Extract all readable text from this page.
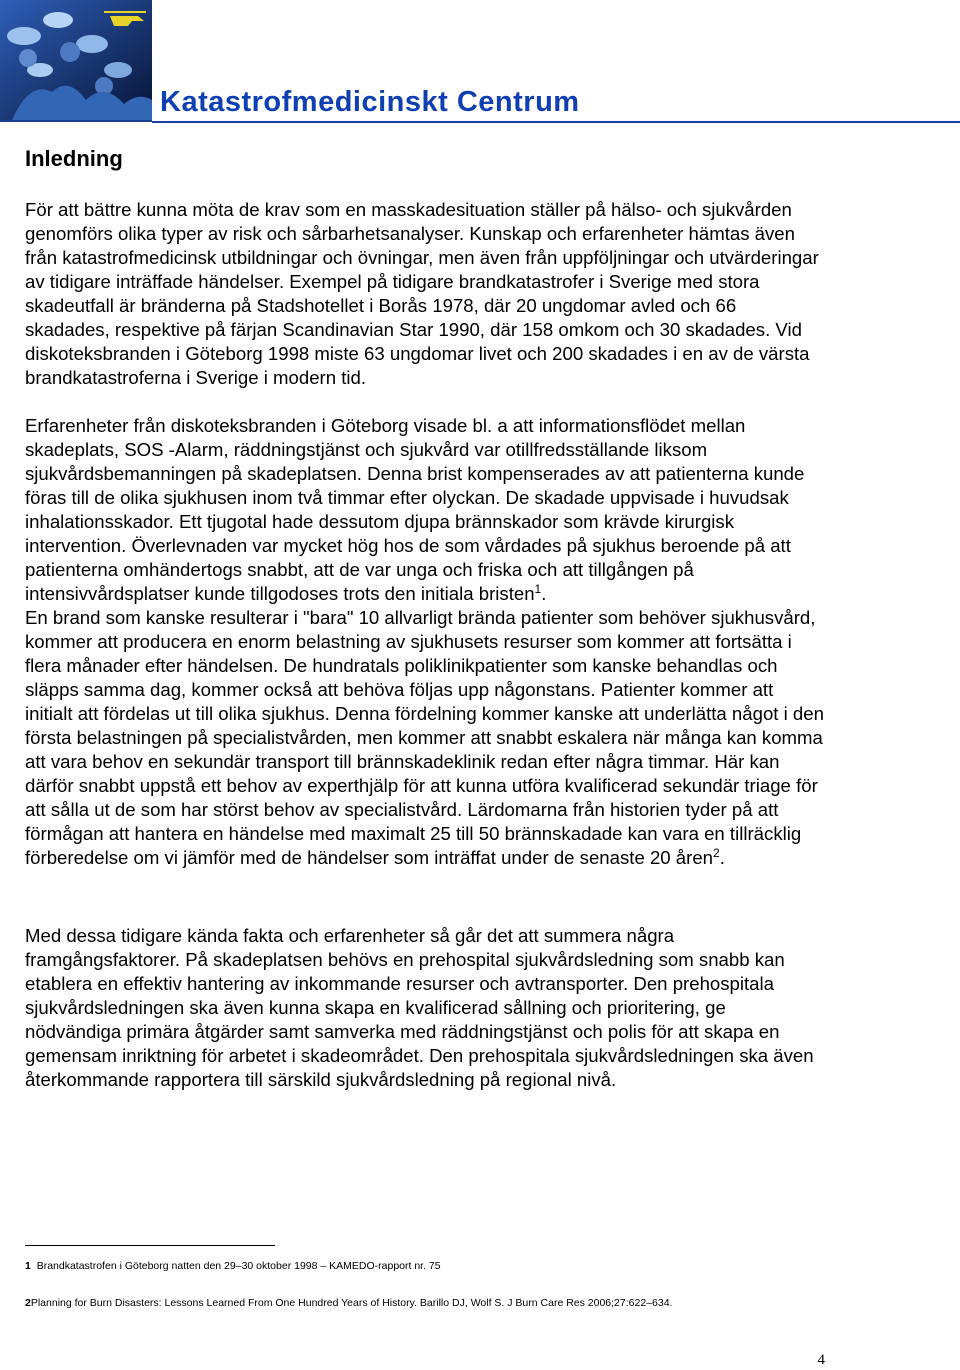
Katastrofmedicinskt Centrum
Inledning

För att bättre kunna möta de krav som en masskadesituation ställer på hälso- och sjukvården genomförs olika typer av risk och sårbarhetsanalyser. Kunskap och erfarenheter hämtas även från katastrofmedicinsk utbildningar och övningar, men även från uppföljningar och utvärderingar av tidigare inträffade händelser. Exempel på tidigare brandkatastrofer i Sverige med stora skadeutfall är bränderna på Stadshotellet i Borås 1978, där 20 ungdomar avled och 66 skadades, respektive på färjan Scandinavian Star 1990, där 158 omkom och 30 skadades. Vid diskoteksbranden i Göteborg 1998 miste 63 ungdomar livet och 200 skadades i en av de värsta brandkatastroferna i Sverige i modern tid.

Erfarenheter från diskoteksbranden i Göteborg visade bl. a att informationsflödet mellan skadeplats, SOS -Alarm, räddningstjänst och sjukvård var otillfredsställande liksom sjukvårdsbemanningen på skadeplatsen. Denna brist kompenserades av att patienterna kunde föras till de olika sjukhusen inom två timmar efter olyckan. De skadade uppvisade i huvudsak inhalationsskador. Ett tjugotal hade dessutom djupa brännskador som krävde kirurgisk intervention. Överlevnaden var mycket hög hos de som vårdades på sjukhus beroende på att patienterna omhändertogs snabbt, att de var unga och friska och att tillgången på intensivvårdsplatser kunde tillgodoses trots den initiala bristen$^1$.

En brand som kanske resulterar i "bara" 10 allvarligt brända patienter som behöver sjukhusvård, kommer att producera en enorm belastning av sjukhusets resurser som kommer att fortsätta i flera månader efter händelsen. De hundratals poliklinikpatienter som kanske behandlas och släpps samma dag, kommer också att behöva följas upp någonstans. Patienter kommer att initialt att fördelas ut till olika sjukhus. Denna fördelning kommer kanske att underlätta något i den första belastningen på specialistvården, men kommer att snabbt eskalera när många kan komma att vara behov en sekundär transport till brännskadeklinik redan efter några timmar. Här kan därför snabbt uppstå ett behov av experthjälp för att kunna utföra kvalificerad sekundär triage för att sålla ut de som har störst behov av specialistvård. Lärdomarna från historien tyder på att förmågan att hantera en händelse med maximalt 25 till 50 brännskadade kan vara en tillräcklig förberedelse om vi jämför med de händelser som inträffat under de senaste 20 åren$^2$.

Med dessa tidigare kända fakta och erfarenheter så går det att summera några framgångsfaktorer. På skadeplatsen behövs en prehospital sjukvårdsledning som snabb kan etablera en effektiv hantering av inkommande resurser och avtransporter. Den prehospitala sjukvårdsledningen ska även kunna skapa en kvalificerad sållning och prioritering, ge nödvändiga primära åtgärder samt samverka med räddningstjänst och polis för att skapa en gemensam inriktning för arbetet i skadeområdet. Den prehospitala sjukvårdsledningen ska även återkommande rapportera till särskild sjukvårdsledning på regional nivå.

1 Brandkatastrofen i Göteborg natten den 29–30 oktober 1998 – KAMEDO-rapport nr. 75
2Planning for Burn Disasters: Lessons Learned From One Hundred Years of History. Barillo DJ, Wolf S. J Burn Care Res 2006;27:622–634.
4
